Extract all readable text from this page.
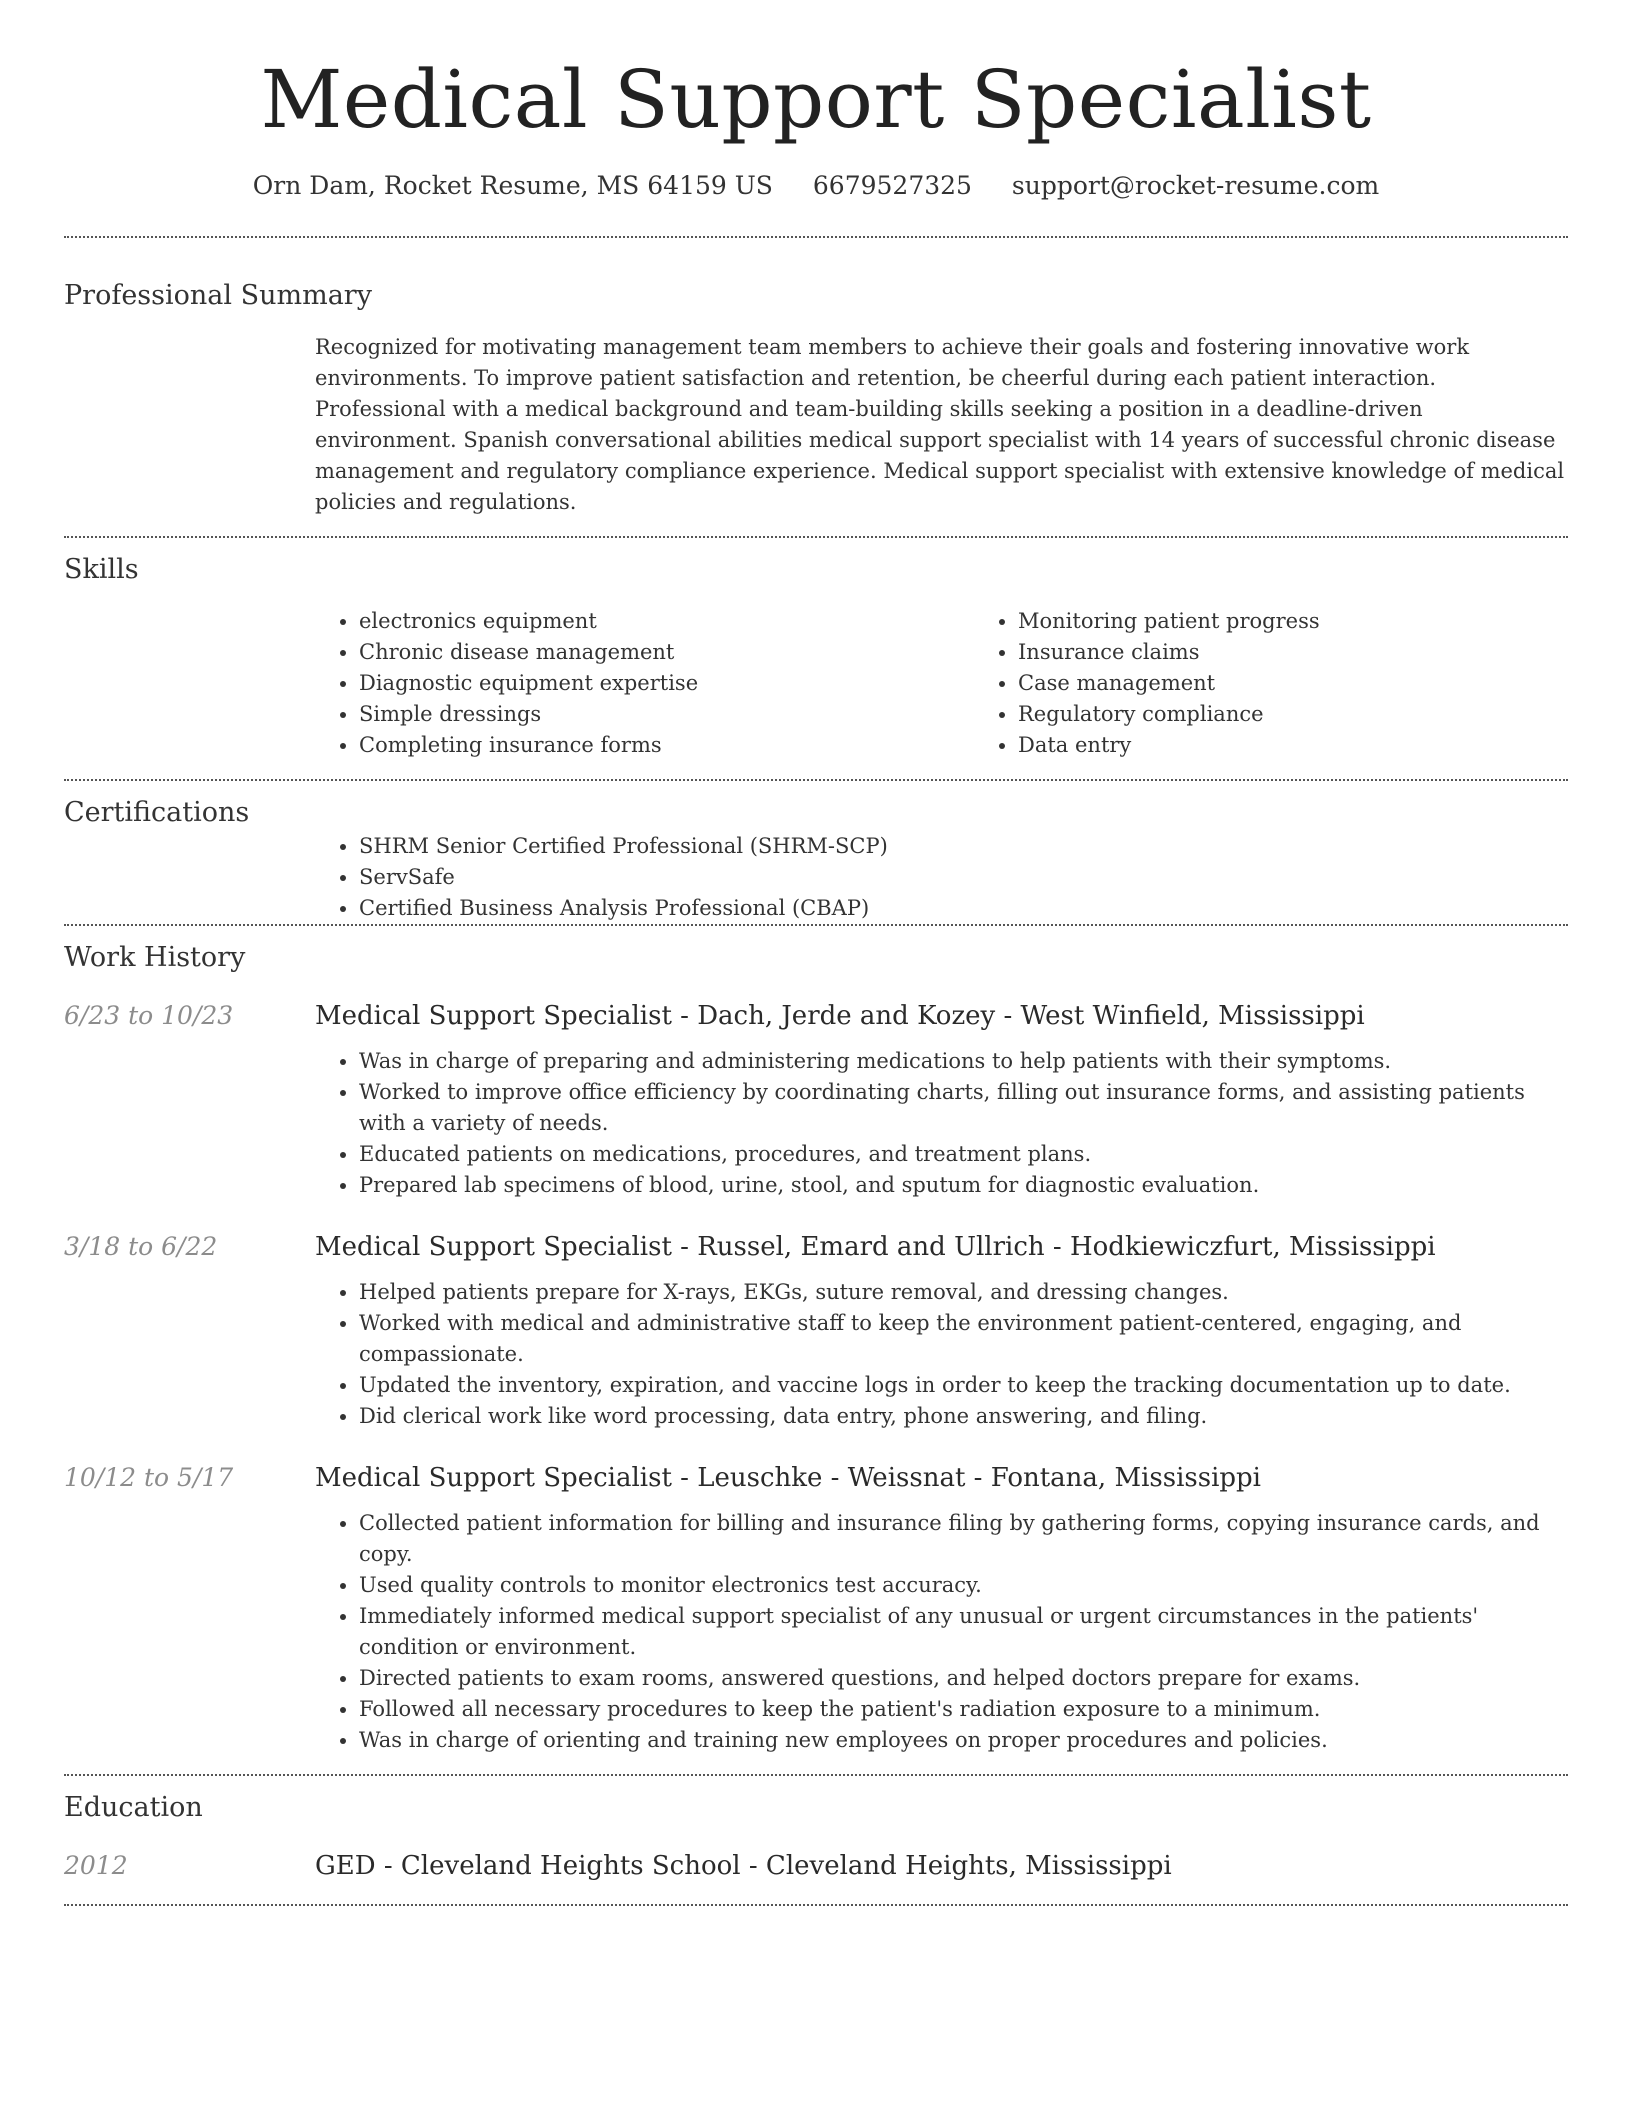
Medical Support Specialist
Orn Dam, Rocket Resume, MS 64159 US 6679527325 support@rocket-resume.com
Professional Summary

Recognized for motivating management team members to achieve their goals and fostering innovative work environments. To improve patient satisfaction and retention, be cheerful during each patient interaction. Professional with a medical background and team-building skills seeking a position in a deadline-driven environment. Spanish conversational abilities medical support specialist with 14 years of successful chronic disease management and regulatory compliance experience. Medical support specialist with extensive knowledge of medical policies and regulations.

Skills
• electronics equipment
• Chronic disease management
• Diagnostic equipment expertise
• Simple dressings
• Completing insurance forms
• Monitoring patient progress
• Insurance claims
• Case management
• Regulatory compliance
• Data entry
Certifications
• SHRM Senior Certified Professional (SHRM-SCP)
• ServSafe
• Certified Business Analysis Professional (CBAP)
Work History
6/23 to 10/23	Medical Support Specialist - Dach, Jerde and Kozey - West Winfield, Mississippi
• Was in charge of preparing and administering medications to help patients with their symptoms.
• Worked to improve office efficiency by coordinating charts, filling out insurance forms, and assisting patients with a variety of needs.
• Educated patients on medications, procedures, and treatment plans.
• Prepared lab specimens of blood, urine, stool, and sputum for diagnostic evaluation.
3/18 to 6/22	Medical Support Specialist - Russel, Emard and Ullrich - Hodkiewiczfurt, Mississippi
• Helped patients prepare for X-rays, EKGs, suture removal, and dressing changes.
• Worked with medical and administrative staff to keep the environment patient-centered, engaging, and compassionate.
• Updated the inventory, expiration, and vaccine logs in order to keep the tracking documentation up to date.
• Did clerical work like word processing, data entry, phone answering, and filing.
10/12 to 5/17	Medical Support Specialist - Leuschke - Weissnat - Fontana, Mississippi
• Collected patient information for billing and insurance filing by gathering forms, copying insurance cards, and copy.
• Used quality controls to monitor electronics test accuracy.
• Immediately informed medical support specialist of any unusual or urgent circumstances in the patients' condition or environment.
• Directed patients to exam rooms, answered questions, and helped doctors prepare for exams.
• Followed all necessary procedures to keep the patient's radiation exposure to a minimum.
• Was in charge of orienting and training new employees on proper procedures and policies.
Education
2012	GED - Cleveland Heights School - Cleveland Heights, Mississippi
